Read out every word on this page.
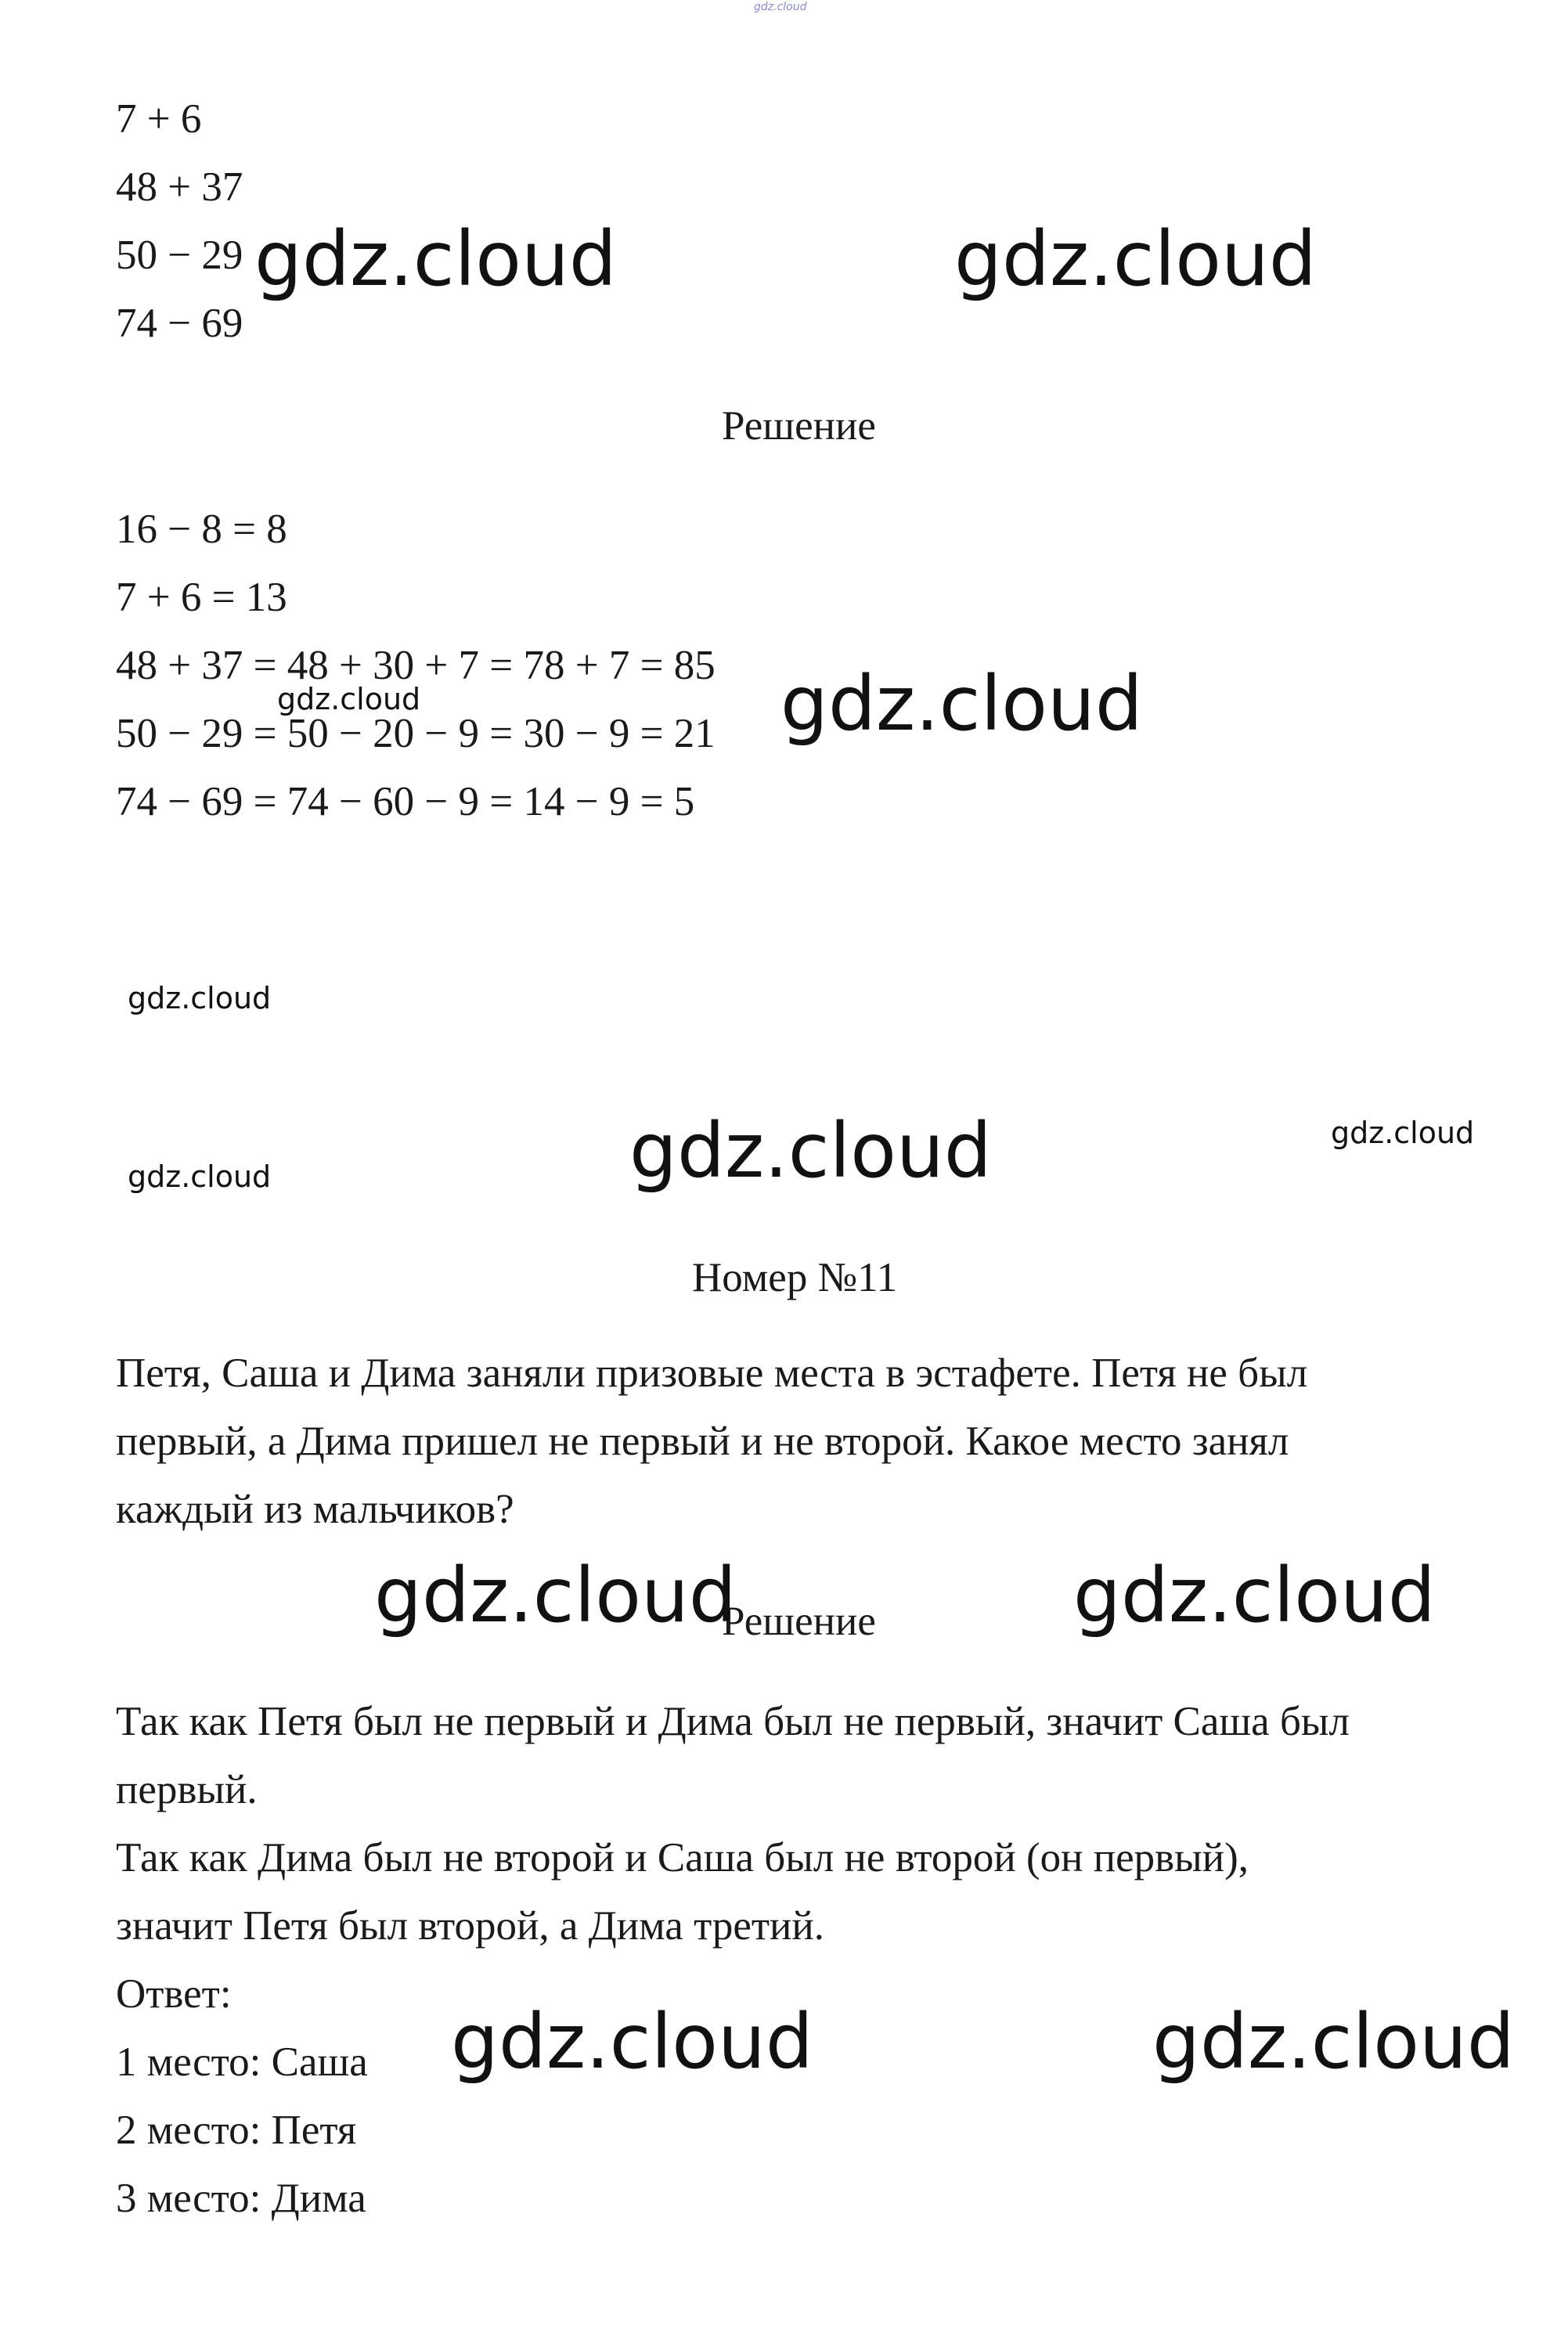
gdz.cloud
7 + 6
48 + 37
50 − 29
74 − 69
Решение
16 − 8 = 8
7 + 6 = 13
48 + 37 = 48 + 30 + 7 = 78 + 7 = 85
50 − 29 = 50 − 20 − 9 = 30 − 9 = 21
74 − 69 = 74 − 60 − 9 = 14 − 9 = 5
Номер №11
Петя, Саша и Дима заняли призовые места в эстафете. Петя не был
первый, а Дима пришел не первый и не второй. Какое место занял
каждый из мальчиков?
Решение
Так как Петя был не первый и Дима был не первый, значит Саша был
первый.
Так как Дима был не второй и Саша был не второй (он первый),
значит Петя был второй, а Дима третий.
Ответ:
1 место: Саша
2 место: Петя
3 место: Дима
gdz.cloud	gdz.cloud
gdz.cloud
gdz.cloud
gdz.cloud	gdz.cloud
gdz.cloud	gdz.cloud
gdz.cloud
gdz.cloud
gdz.cloud
gdz.cloud
